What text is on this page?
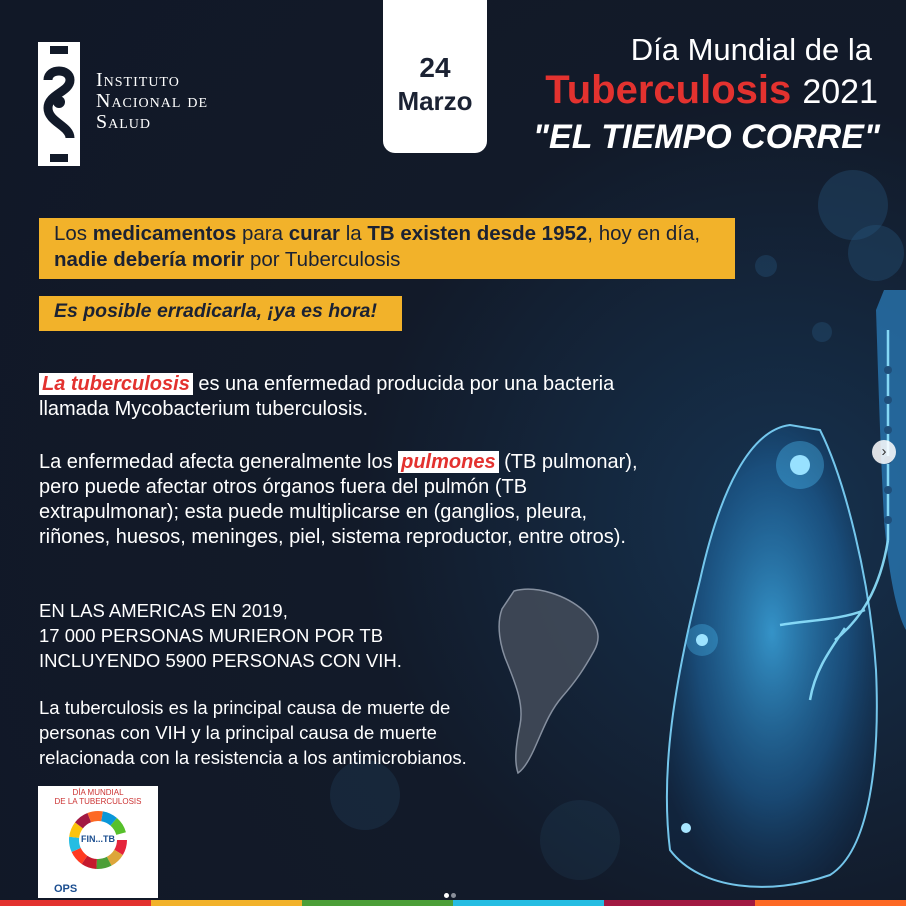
Instituto
Nacional de
Salud
24
Marzo
Día Mundial de la
Tuberculosis 2021
"EL TIEMPO CORRE"
Los medicamentos para curar la TB existen desde 1952, hoy en día,
nadie debería morir por Tuberculosis
Es posible erradicarla, ¡ya es hora!
La tuberculosis es una enfermedad producida por una bacteria
llamada Mycobacterium tuberculosis.
La enfermedad afecta generalmente los pulmones (TB pulmonar),
pero puede afectar otros órganos fuera del pulmón (TB
extrapulmonar); esta puede multiplicarse en (ganglios, pleura,
riñones, huesos, meninges, piel, sistema reproductor, entre otros).
EN LAS AMERICAS EN 2019,
17 000 PERSONAS MURIERON POR TB
INCLUYENDO 5900 PERSONAS CON VIH.
La tuberculosis es la principal causa de muerte de
personas con VIH y la principal causa de muerte
relacionada con la resistencia a los antimicrobianos.
DÍA MUNDIAL
DE LA TUBERCULOSIS
FIN...TB
OPS
›
